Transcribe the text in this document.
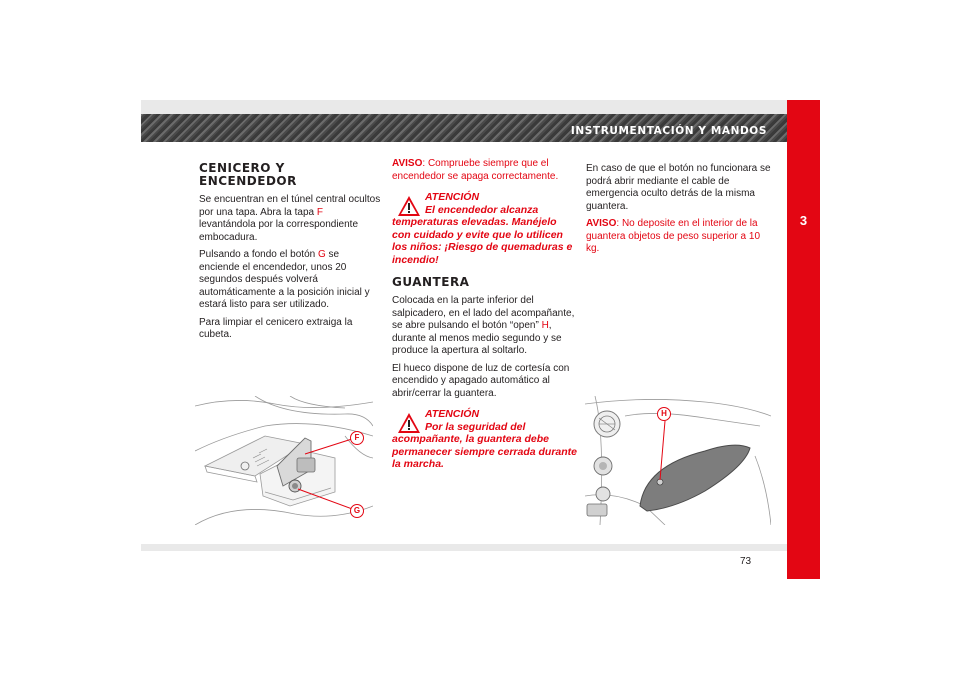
INSTRUMENTACIÓN Y MANDOS
3
CENICERO Y
ENCENDEDOR

Se encuentran en el túnel central ocultos por una tapa. Abra la tapa F levantándola por la correspondiente embocadura.

Pulsando a fondo el botón G se enciende el encendedor, unos 20 segundos después volverá automáticamente a la posición inicial y estará listo para ser utilizado.

Para limpiar el cenicero extraiga la cubeta.

F
G

AVISO: Compruebe siempre que el encendedor se apaga correctamente.

ATENCIÓN
El encendedor alcanza
temperaturas elevadas. Manéjelo con cuidado y evite que lo utilicen los niños: ¡Riesgo de quemaduras e incendio!
GUANTERA

Colocada en la parte inferior del salpicadero, en el lado del acompañante, se abre pulsando el botón “open” H, durante al menos medio segundo y se produce la apertura al soltarlo.

El hueco dispone de luz de cortesía con encendido y apagado automático al abrir/cerrar la guantera.

ATENCIÓN
Por la seguridad del
acompañante, la guantera debe permanecer siempre cerrada durante la marcha.

En caso de que el botón no funcionara se podrá abrir mediante el cable de emergencia oculto detrás de la misma guantera.

AVISO: No deposite en el interior de la guantera objetos de peso superior a 10 kg.

H
73
